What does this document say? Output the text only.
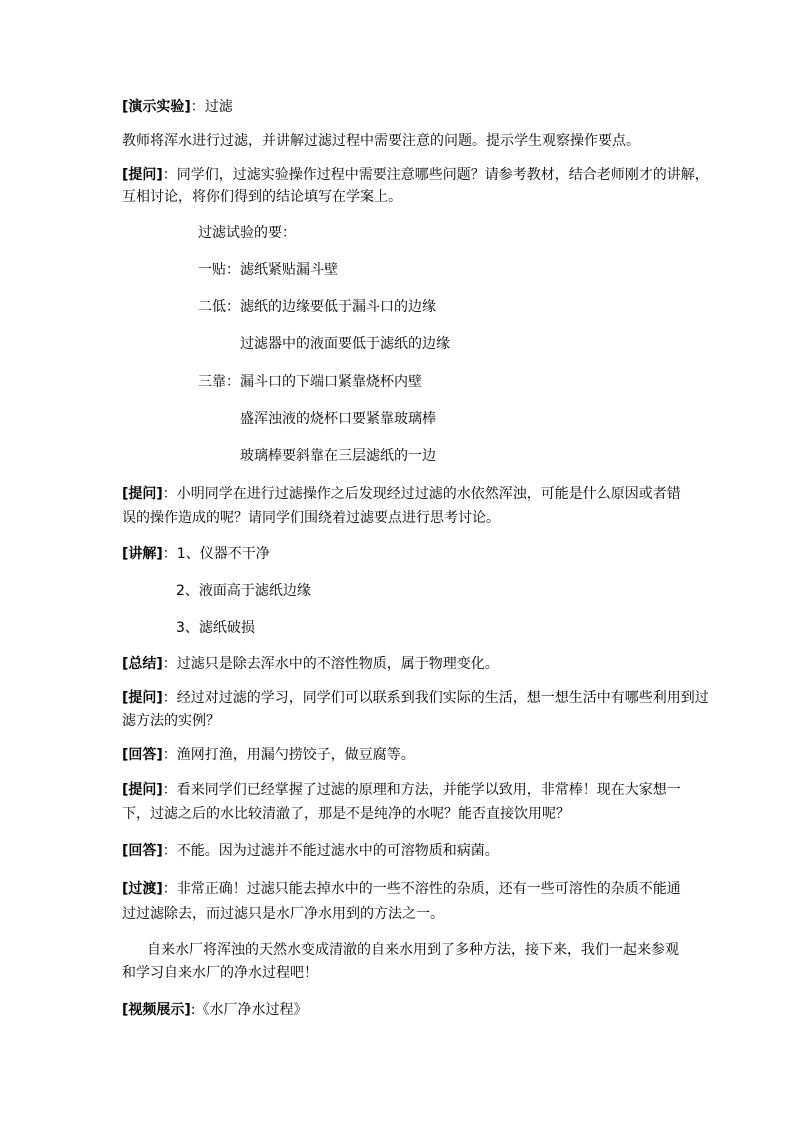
[演示实验]：过滤
教师将浑水进行过滤，并讲解过滤过程中需要注意的问题。提示学生观察操作要点。
[提问]：同学们，过滤实验操作过程中需要注意哪些问题？请参考教材，结合老师刚才的讲解，
互相讨论，将你们得到的结论填写在学案上。
过滤试验的要：
一贴：滤纸紧贴漏斗壁
二低：滤纸的边缘要低于漏斗口的边缘
过滤器中的液面要低于滤纸的边缘
三靠：漏斗口的下端口紧靠烧杯内壁
盛浑浊液的烧杯口要紧靠玻璃棒
玻璃棒要斜靠在三层滤纸的一边
[提问]：小明同学在进行过滤操作之后发现经过过滤的水依然浑浊，可能是什么原因或者错
误的操作造成的呢？请同学们围绕着过滤要点进行思考讨论。
[讲解]：1、仪器不干净
2、液面高于滤纸边缘
3、滤纸破损
[总结]：过滤只是除去浑水中的不溶性物质，属于物理变化。
[提问]：经过对过滤的学习，同学们可以联系到我们实际的生活，想一想生活中有哪些利用到过
滤方法的实例？
[回答]：渔网打渔，用漏勺捞饺子，做豆腐等。
[提问]：看来同学们已经掌握了过滤的原理和方法，并能学以致用，非常棒！现在大家想一
下，过滤之后的水比较清澈了，那是不是纯净的水呢？能否直接饮用呢？
[回答]：不能。因为过滤并不能过滤水中的可溶物质和病菌。
[过渡]：非常正确！过滤只能去掉水中的一些不溶性的杂质，还有一些可溶性的杂质不能通
过过滤除去，而过滤只是水厂净水用到的方法之一。
自来水厂将浑浊的天然水变成清澈的自来水用到了多种方法，接下来，我们一起来参观
和学习自来水厂的净水过程吧！
[视频展示]:《水厂净水过程》
